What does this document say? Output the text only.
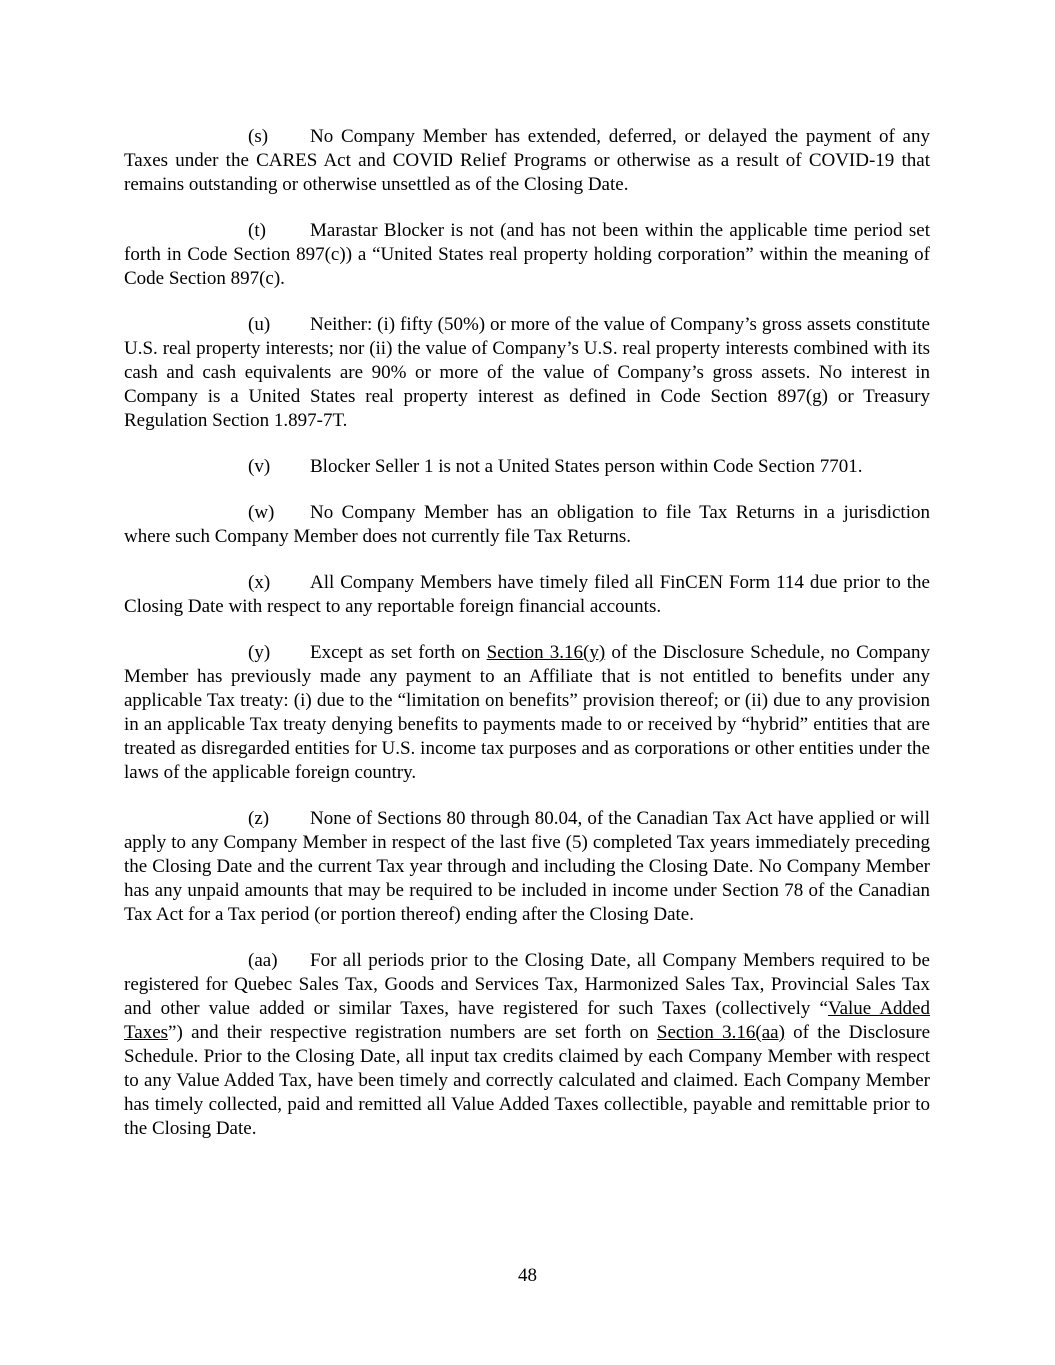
(s) No Company Member has extended, deferred, or delayed the payment of any Taxes under the CARES Act and COVID Relief Programs or otherwise as a result of COVID-19 that remains outstanding or otherwise unsettled as of the Closing Date.

(t) Marastar Blocker is not (and has not been within the applicable time period set forth in Code Section 897(c)) a “United States real property holding corporation” within the meaning of Code Section 897(c).

(u) Neither: (i) fifty (50%) or more of the value of Company’s gross assets constitute U.S. real property interests; nor (ii) the value of Company’s U.S. real property interests combined with its cash and cash equivalents are 90% or more of the value of Company’s gross assets. No interest in Company is a United States real property interest as defined in Code Section 897(g) or Treasury Regulation Section 1.897-7T.

(v) Blocker Seller 1 is not a United States person within Code Section 7701.

(w) No Company Member has an obligation to file Tax Returns in a jurisdiction where such Company Member does not currently file Tax Returns.

(x) All Company Members have timely filed all FinCEN Form 114 due prior to the Closing Date with respect to any reportable foreign financial accounts.

(y) Except as set forth on Section 3.16(y) of the Disclosure Schedule, no Company Member has previously made any payment to an Affiliate that is not entitled to benefits under any applicable Tax treaty: (i) due to the “limitation on benefits” provision thereof; or (ii) due to any provision in an applicable Tax treaty denying benefits to payments made to or received by “hybrid” entities that are treated as disregarded entities for U.S. income tax purposes and as corporations or other entities under the laws of the applicable foreign country.

(z) None of Sections 80 through 80.04, of the Canadian Tax Act have applied or will apply to any Company Member in respect of the last five (5) completed Tax years immediately preceding the Closing Date and the current Tax year through and including the Closing Date. No Company Member has any unpaid amounts that may be required to be included in income under Section 78 of the Canadian Tax Act for a Tax period (or portion thereof) ending after the Closing Date.

(aa) For all periods prior to the Closing Date, all Company Members required to be registered for Quebec Sales Tax, Goods and Services Tax, Harmonized Sales Tax, Provincial Sales Tax and other value added or similar Taxes, have registered for such Taxes (collectively “Value Added Taxes”) and their respective registration numbers are set forth on Section 3.16(aa) of the Disclosure Schedule. Prior to the Closing Date, all input tax credits claimed by each Company Member with respect to any Value Added Tax, have been timely and correctly calculated and claimed. Each Company Member has timely collected, paid and remitted all Value Added Taxes collectible, payable and remittable prior to the Closing Date.

48
